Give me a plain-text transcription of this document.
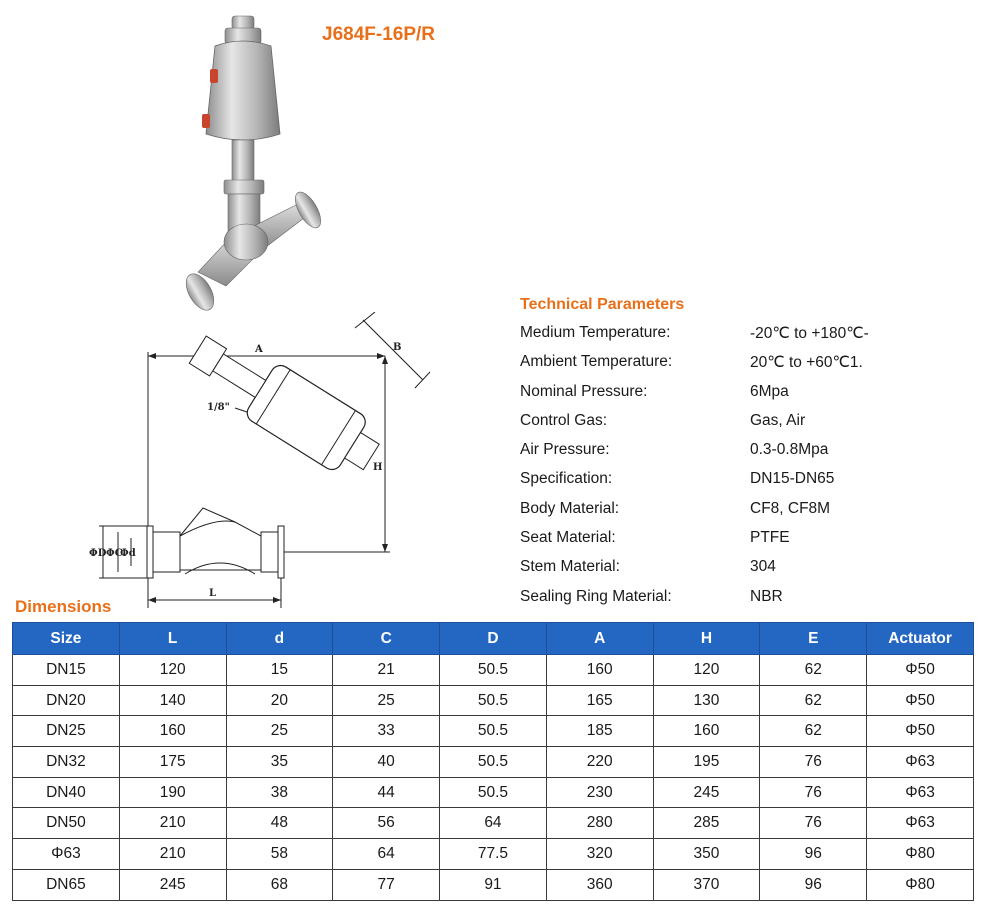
J684F-16P/R
A	B
H
1/8"
ΦD ΦC
Φd
L
Technical Parameters
Medium Temperature:	-20℃ to +180℃-
Ambient Temperature:	20℃ to +60℃1.
Nominal Pressure:	6Mpa
Control Gas:	Gas, Air
Air Pressure:	0.3-0.8Mpa
Specification:	DN15-DN65
Body Material:	CF8, CF8M
Seat Material:	PTFE
Stem Material:	304
Sealing Ring Material:	NBR
Dimensions
Size	L	d	C	D	A	H	E	Actuator
DN15	120	15	21	50.5	160	120	62	Φ50
DN20	140	20	25	50.5	165	130	62	Φ50
DN25	160	25	33	50.5	185	160	62	Φ50
DN32	175	35	40	50.5	220	195	76	Φ63
DN40	190	38	44	50.5	230	245	76	Φ63
DN50	210	48	56	64	280	285	76	Φ63
Φ63	210	58	64	77.5	320	350	96	Φ80
DN65	245	68	77	91	360	370	96	Φ80
